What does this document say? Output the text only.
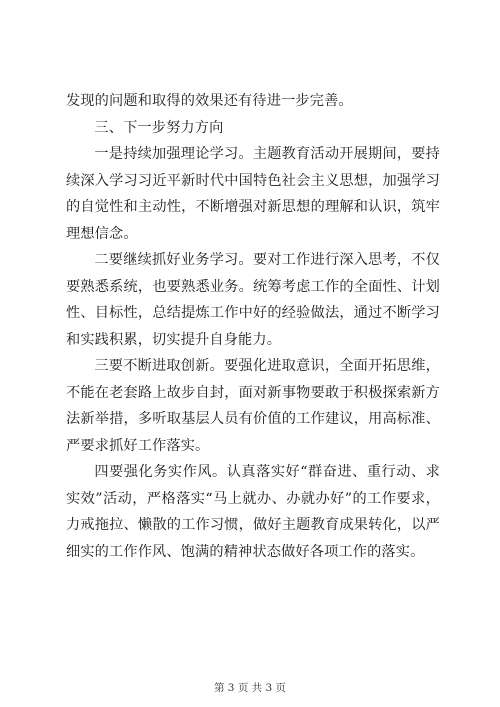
发现的问题和取得的效果还有待进一步完善。

三、下一步努力方向

一是持续加强理论学习。主题教育活动开展期间，要持续深入学习习近平新时代中国特色社会主义思想，加强学习的自觉性和主动性，不断增强对新思想的理解和认识，筑牢理想信念。

二要继续抓好业务学习。要对工作进行深入思考，不仅要熟悉系统，也要熟悉业务。统筹考虑工作的全面性、计划性、目标性，总结提炼工作中好的经验做法，通过不断学习和实践积累，切实提升自身能力。

三要不断进取创新。要强化进取意识，全面开拓思维，不能在老套路上故步自封，面对新事物要敢于积极探索新方法新举措，多听取基层人员有价值的工作建议，用高标准、严要求抓好工作落实。

四要强化务实作风。认真落实好“群奋进、重行动、求实效”活动，严格落实“马上就办、办就办好”的工作要求，力戒拖拉、懒散的工作习惯，做好主题教育成果转化，以严细实的工作作风、饱满的精神状态做好各项工作的落实。

第 3 页 共 3 页
